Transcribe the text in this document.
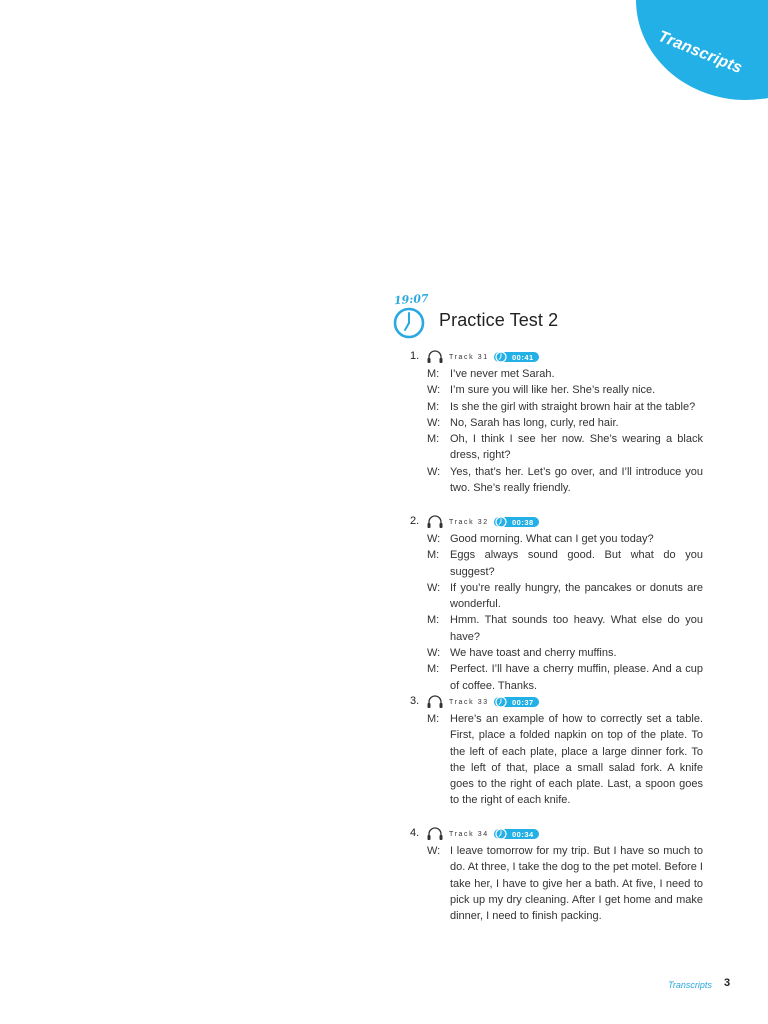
Transcripts
19:07
Practice Test 2
1.	Track 31	00:41
M: I’ve never met Sarah.
W: I’m sure you will like her. She’s really nice.
M: Is she the girl with straight brown hair at the table?
W: No, Sarah has long, curly, red hair.
M: Oh, I think I see her now. She’s wearing a black dress, right?
W: Yes, that’s her. Let’s go over, and I’ll introduce you two. She’s really friendly.
2.	Track 32	00:38
W: Good morning. What can I get you today?
M: Eggs always sound good. But what do you suggest?
W: If you’re really hungry, the pancakes or donuts are wonderful.
M: Hmm. That sounds too heavy. What else do you have?
W: We have toast and cherry muffins.
M: Perfect. I’ll have a cherry muffin, please. And a cup of coffee. Thanks.
3.	Track 33	00:37
M: Here’s an example of how to correctly set a table. First, place a folded napkin on top of the plate. To the left of each plate, place a large dinner fork. To the left of that, place a small salad fork. A knife goes to the right of each plate. Last, a spoon goes to the right of each knife.
4.	Track 34	00:34
W: I leave tomorrow for my trip. But I have so much to do. At three, I take the dog to the pet motel. Before I take her, I have to give her a bath. At five, I need to pick up my dry cleaning. After I get home and make dinner, I need to finish packing.
Transcripts 3
